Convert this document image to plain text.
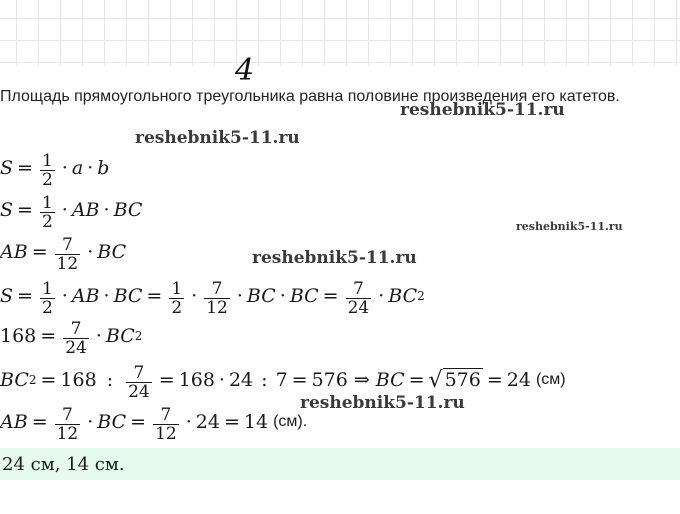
4
Площадь прямоугольного треугольника равна половине произведения его катетов.
reshebnik5-11.ru
reshebnik5-11.ru
reshebnik5-11.ru
reshebnik5-11.ru
reshebnik5-11.ru
$S = \frac{1}{2} \cdot a \cdot b$
$S = \frac{1}{2}$ · AB · BC
AB = $\frac{7}{12}$ · BC
$S = \frac{1}{2}$ · AB · BC = $\frac{1}{2} \cdot \frac{7}{12}$ · BC · BC = $\frac{7}{24}$ · BC 2
$168 = \frac{7}{24}$ · BC 2
BC 2 = 168 : $\frac{7}{24} = 168 \cdot 24$ : 7 = 576 ⇒ BC = √ 576 = 24 (см)
AB = $\frac{7}{12}$ · BC = $\frac{7}{12} \cdot 24 = 14$ (см).
24 см, 14 см.
